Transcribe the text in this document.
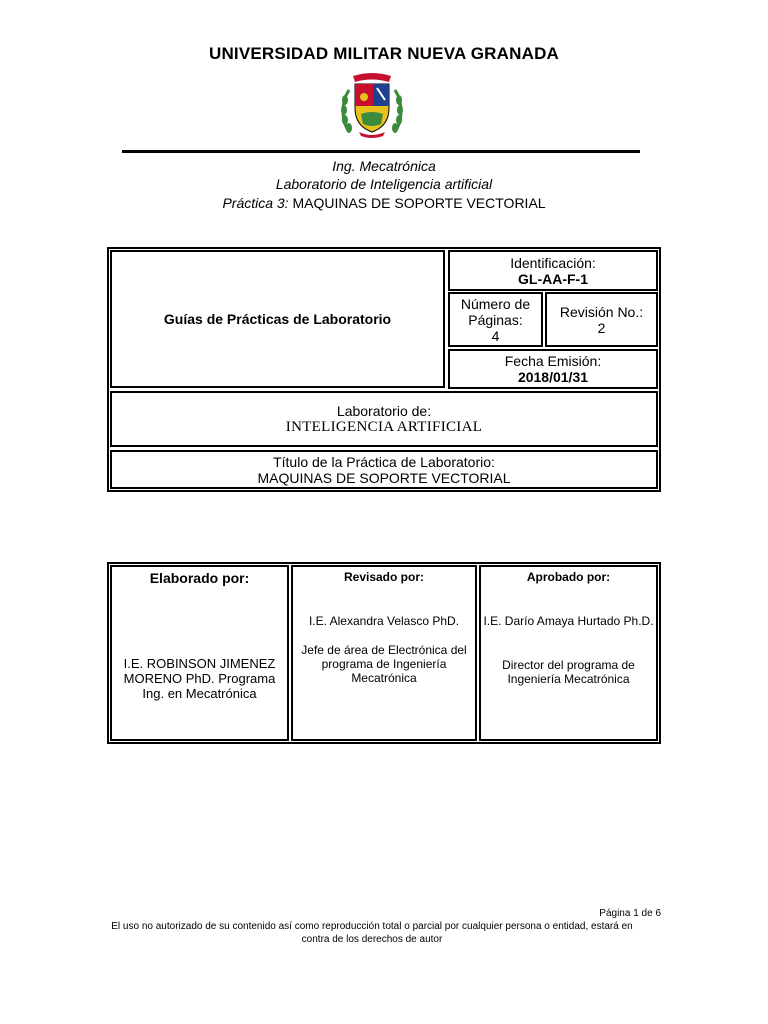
UNIVERSIDAD MILITAR NUEVA GRANADA
Ing. Mecatrónica
Laboratorio de Inteligencia artificial
Práctica 3: MAQUINAS DE SOPORTE VECTORIAL
Guías de Prácticas de Laboratorio
Identificación:
GL-AA-F-1
Número de Páginas:
4
Revisión No.:
2
Fecha Emisión:
2018/01/31
Laboratorio de:
INTELIGENCIA ARTIFICIAL
Título de la Práctica de Laboratorio:
MAQUINAS DE SOPORTE VECTORIAL
Elaborado por:
I.E. ROBINSON JIMENEZ MORENO PhD. Programa Ing. en Mecatrónica
Revisado por:
I.E. Alexandra Velasco PhD.
Jefe de área de Electrónica del programa de Ingeniería Mecatrónica
Aprobado por:
I.E. Darío Amaya Hurtado Ph.D.
Director del programa de Ingeniería Mecatrónica
Página 1 de 6
El uso no autorizado de su contenido así como reproducción total o parcial por cualquier persona o entidad, estará en
contra de los derechos de autor
